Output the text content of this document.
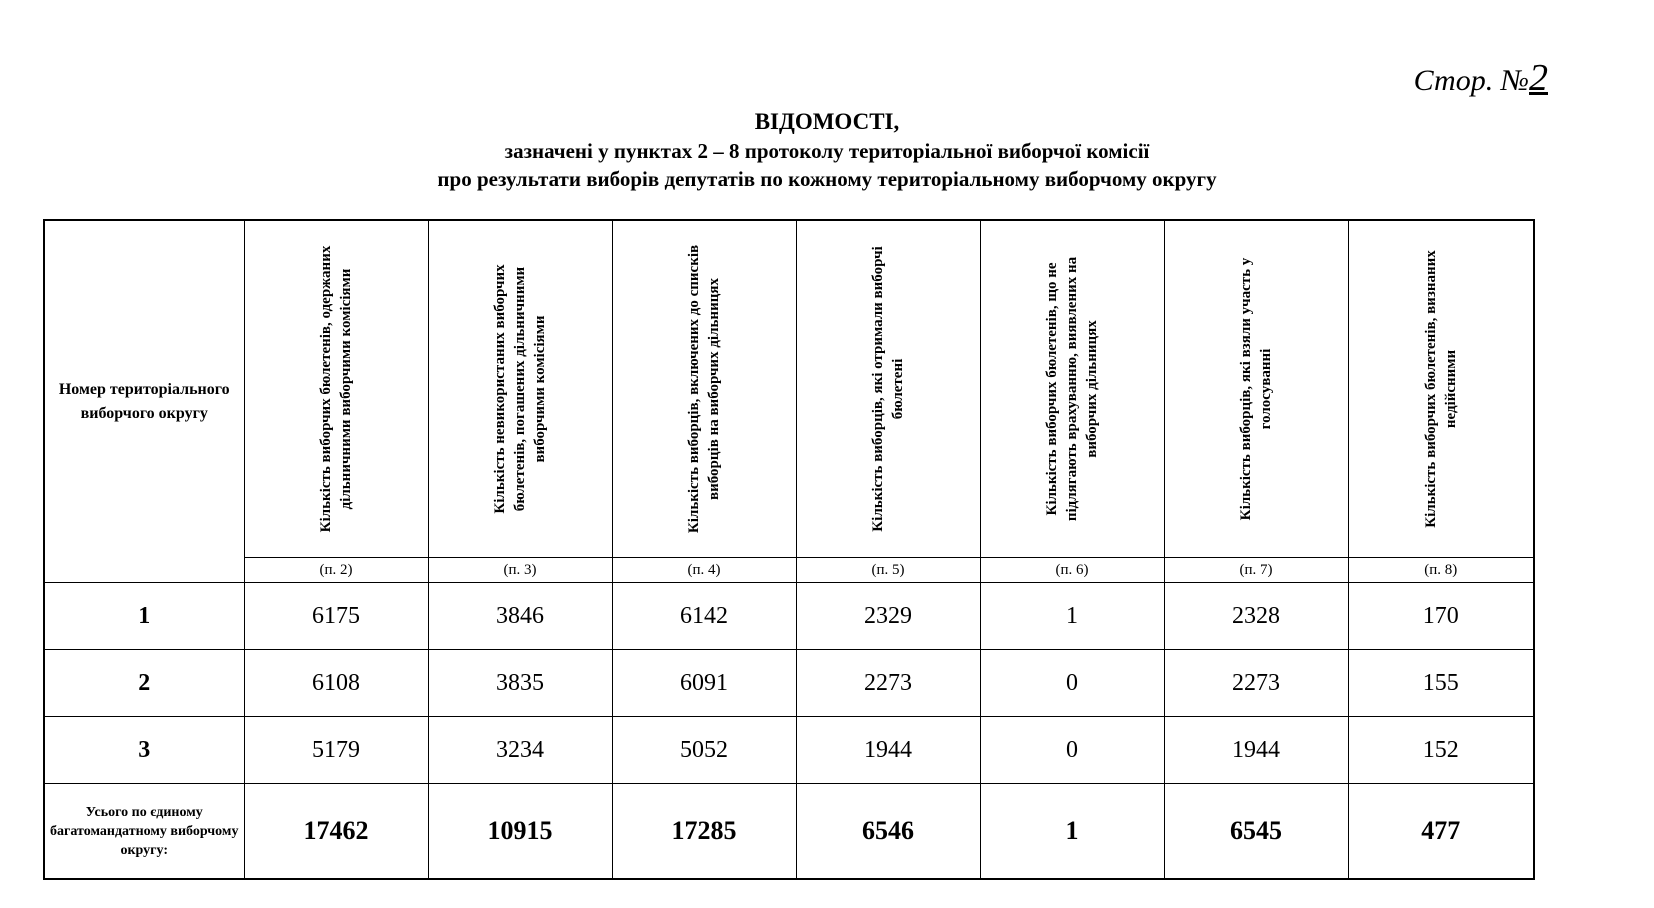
Стор. №2
ВІДОМОСТІ,
зазначені у пунктах 2 – 8 протоколу територіальної виборчої комісії
про результати виборів депутатів по кожному територіальному виборчому округу
Номер територіального виборчого округу	Кількість виборчих бюлетенів, одержаних дільничними виборчими комісіями	Кількість невикористаних виборчих бюлетенів, погашених дільничними виборчими комісіями	Кількість виборців, включених до списків виборців на виборчих дільницях	Кількість виборців, які отримали виборчі бюлетені	Кількість виборчих бюлетенів, що не підлягають врахуванню, виявлених на виборчих дільницях	Кількість виборців, які взяли участь у голосуванні	Кількість виборчих бюлетенів, визнаних недійсними

	(п. 2)	(п. 3)	(п. 4)	(п. 5)	(п. 6)	(п. 7)	(п. 8)
1	6175	3846	6142	2329	1	2328	170
2	6108	3835	6091	2273	0	2273	155
3	5179	3234	5052	1944	0	1944	152
Усього по єдиному багатомандатному виборчому округу:	17462	10915	17285	6546	1	6545	477
